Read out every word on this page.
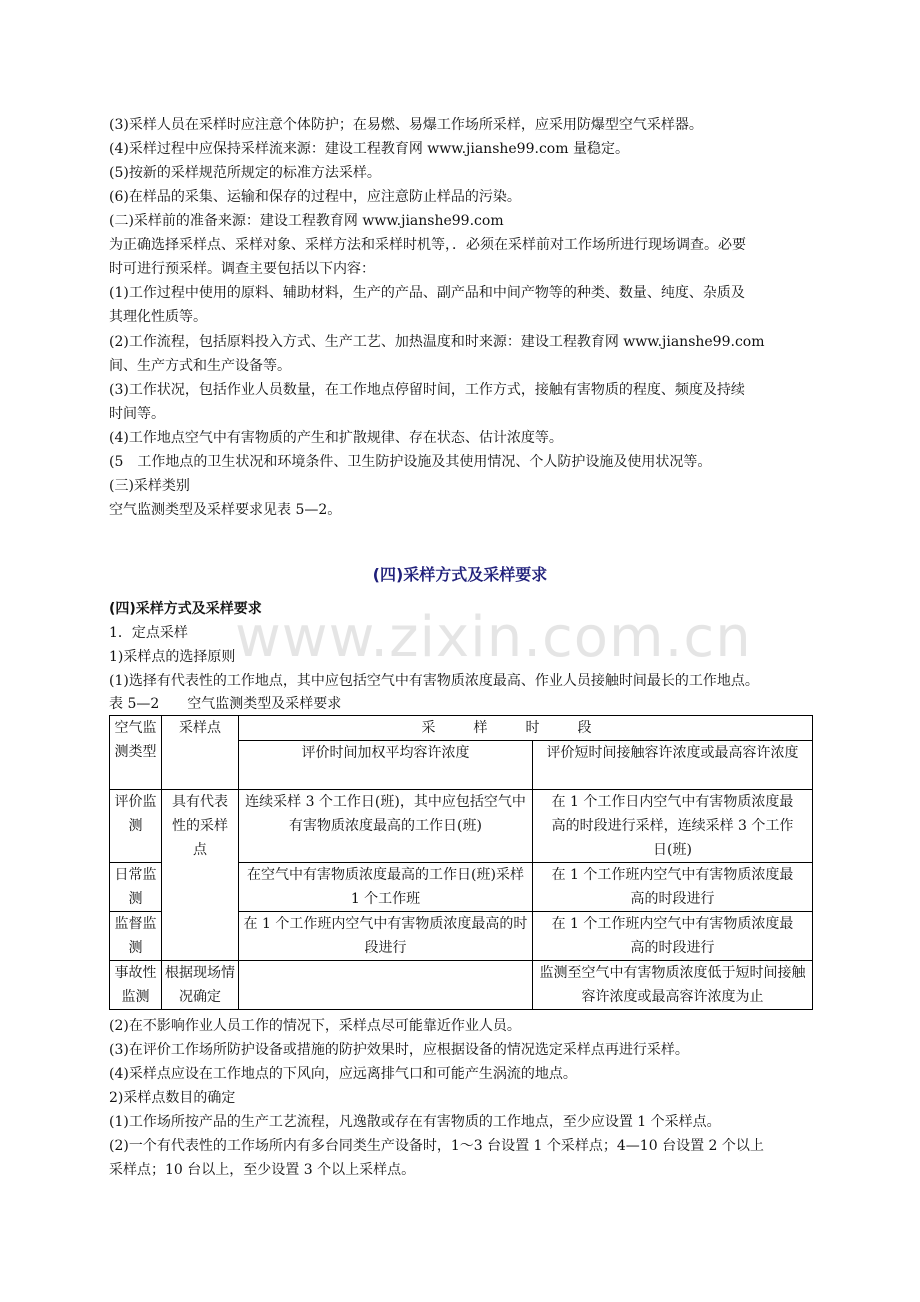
(3)采样人员在采样时应注意个体防护；在易燃、易爆工作场所采样，应采用防爆型空气采样器。
(4)采样过程中应保持采样流来源：建设工程教育网 www.jianshe99.com 量稳定。
(5)按新的采样规范所规定的标准方法采样。
(6)在样品的采集、运输和保存的过程中，应注意防止样品的污染。
(二)采样前的准备来源：建设工程教育网 www.jianshe99.com
为正确选择采样点、采样对象、采样方法和采样时机等，．必须在采样前对工作场所进行现场调查。必要
时可进行预采样。调查主要包括以下内容：
(1)工作过程中使用的原料、辅助材料，生产的产品、副产品和中间产物等的种类、数量、纯度、杂质及
其理化性质等。
(2)工作流程，包括原料投入方式、生产工艺、加热温度和时来源：建设工程教育网 www.jianshe99.com
间、生产方式和生产设备等。
(3)工作状况，包括作业人员数量，在工作地点停留时间，工作方式，接触有害物质的程度、频度及持续
时间等。
(4)工作地点空气中有害物质的产生和扩散规律、存在状态、估计浓度等。
(5　工作地点的卫生状况和环境条件、卫生防护设施及其使用情况、个人防护设施及使用状况等。
(三)采样类别
空气监测类型及采样要求见表 5—2。
(四)采样方式及采样要求
(四)采样方式及采样要求
www.zixin.com.cn
1．定点采样
1)采样点的选择原则
(1)选择有代表性的工作地点，其中应包括空气中有害物质浓度最高、作业人员接触时间最长的工作地点。
表 5—2　　空气监测类型及采样要求
空气监测类型	采样点	采样时段	
		评价时间加权平均容许浓度	评价短时间接触容许浓度或最高容许浓度
评价监测	具有代表性的采样点	连续采样 3 个工作日(班)，其中应包括空气中有害物质浓度最高的工作日(班)	在 1 个工作日内空气中有害物质浓度最高的时段进行采样，连续采样 3 个工作日(班)
日常监测		在空气中有害物质浓度最高的工作日(班)采样 1 个工作班	在 1 个工作班内空气中有害物质浓度最高的时段进行
监督监测		在 1 个工作班内空气中有害物质浓度最高的时段进行	在 1 个工作班内空气中有害物质浓度最高的时段进行
事故性监测	根据现场情况确定		监测至空气中有害物质浓度低于短时间接触容许浓度或最高容许浓度为止
(2)在不影响作业人员工作的情况下，采样点尽可能靠近作业人员。
(3)在评价工作场所防护设备或措施的防护效果时，应根据设备的情况选定采样点再进行采样。
(4)采样点应设在工作地点的下风向，应远离排气口和可能产生涡流的地点。
2)采样点数目的确定
(1)工作场所按产品的生产工艺流程，凡逸散或存在有害物质的工作地点，至少应设置 1 个采样点。
(2)一个有代表性的工作场所内有多台同类生产设备时，1～3 台设置 1 个采样点；4—10 台设置 2 个以上
采样点；10 台以上，至少设置 3 个以上采样点。
